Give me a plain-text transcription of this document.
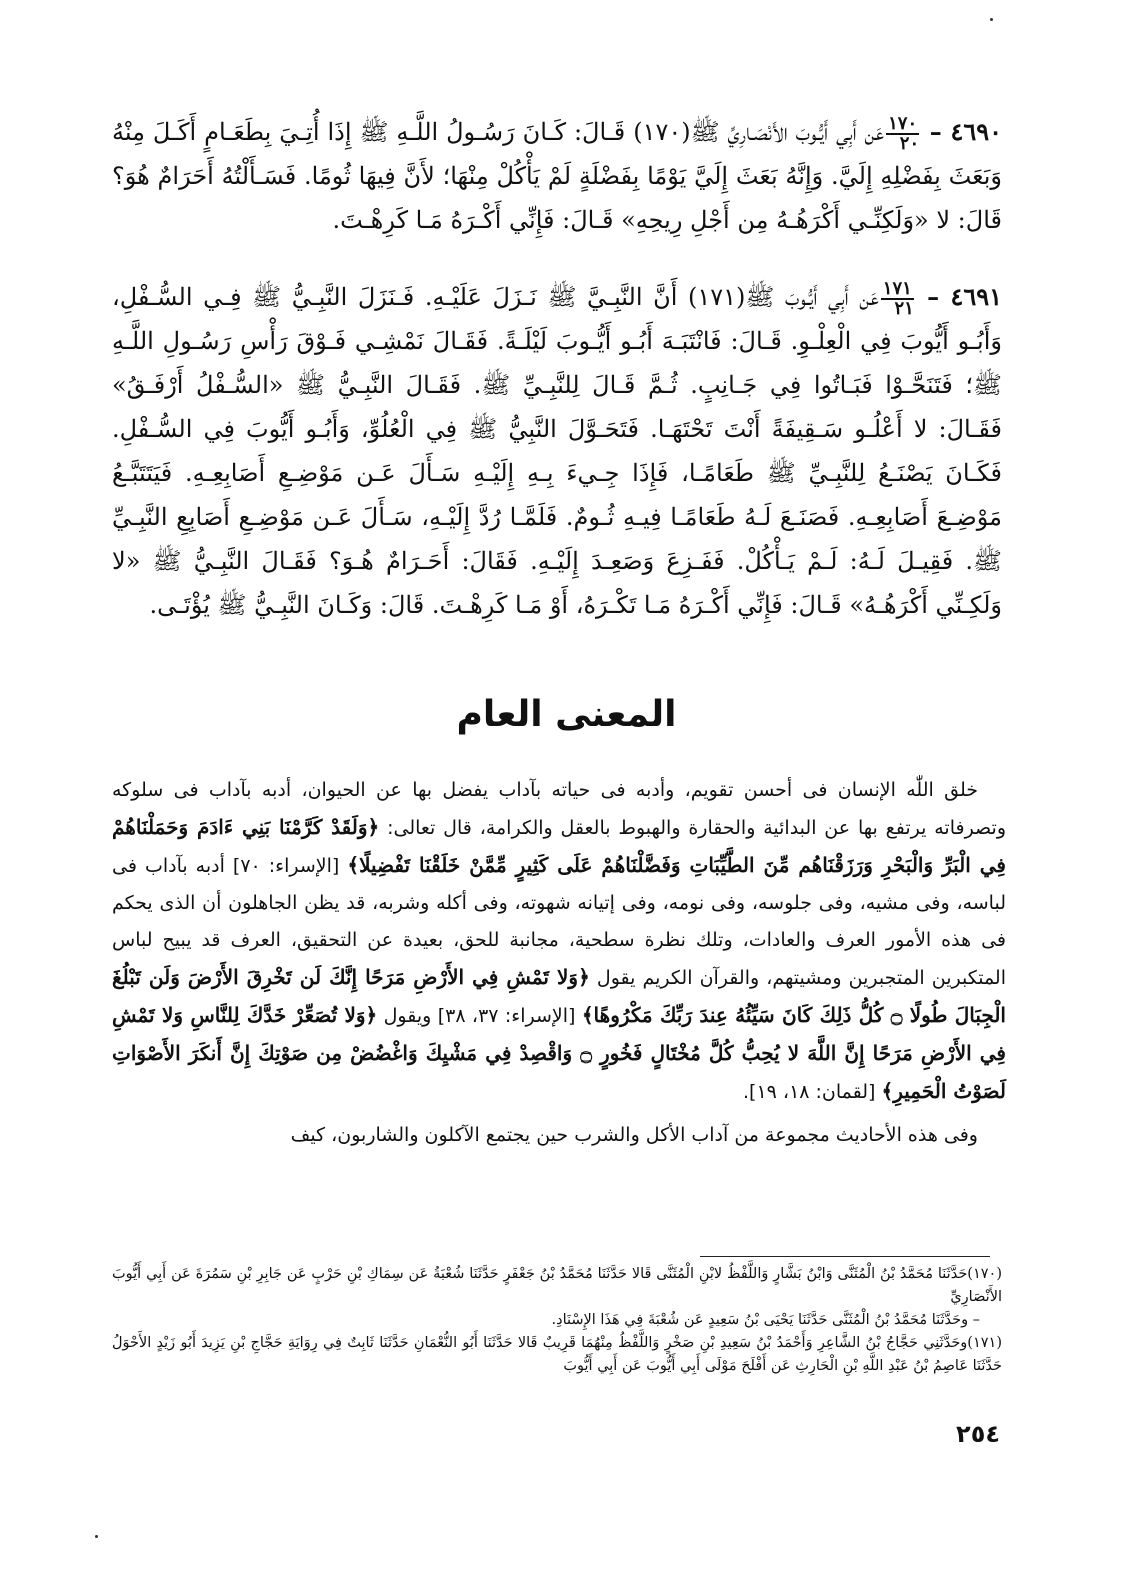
٤٦٩٠ –
$\frac{١٧٠}{٢٠}$
عَن أَبِي أَيُّـوبَ الأَنْصَـارِيِّ ﷺ(١٧٠) قَـالَ: كَـانَ رَسُـولُ اللَّـهِ ﷺ إِذَا أُتِـيَ بِطَعَـامٍ أَكَـلَ مِنْهُ وَبَعَثَ بِفَضْلِهِ إِلَيَّ. وَإِنَّهُ بَعَثَ إِلَيَّ يَوْمًا بِفَضْلَةٍ لَمْ يَأْكُلْ مِنْهَا؛ لأَنَّ فِيهَا ثُومًا. فَسَـأَلْتُهُ أَحَرَامٌ هُوَ؟ قَالَ: لا «وَلَكِنِّـي أَكْرَهُـهُ مِن أَجْلِ رِيحِهِ» قَـالَ: فَإِنِّي أَكْـرَهُ مَـا كَرِهْـتَ.
٤٦٩١ –
$\frac{١٧١}{٢١}$
عَن أَبِي أَيُّـوبَ ﷺ(١٧١) أَنَّ النَّبِـيَّ ﷺ نَـزَلَ عَلَيْـهِ. فَـنَزَلَ النَّبِـيُّ ﷺ فِـي السُّـفْلِ، وَأَبُـو أَيُّوبَ فِي الْعِلْـوِ. قَـالَ: فَانْتَبَـهَ أَبُـو أَيُّـوبَ لَيْلَـةً. فَقَـالَ نَمْشِـي فَـوْقَ رَأْسِ رَسُـولِ اللَّـهِ ﷺ؛ فَتَنَحَّـوْا فَبَـاتُوا فِي جَـانِبٍ. ثُـمَّ قَـالَ لِلنَّبِـيِّ ﷺ. فَقَـالَ النَّبِـيُّ ﷺ «السُّـفْلُ أَرْفَـقُ» فَقَـالَ: لا أَعْلُـو سَـقِيفَةً أَنْتَ تَحْتَهَـا. فَتَحَـوَّلَ النَّبِيُّ ﷺ فِي الْعُلُوِّ، وَأَبُـو أَيُّوبَ فِي السُّـفْلِ. فَكَـانَ يَصْنَـعُ لِلنَّبِـيِّ ﷺ طَعَامًـا، فَإِذَا جِـيءَ بِـهِ إِلَيْـهِ سَـأَلَ عَـن مَوْضِـعِ أَصَابِعِـهِ. فَيَتَتَبَّـعُ مَوْضِـعَ أَصَابِعِـهِ. فَصَنَـعَ لَـهُ طَعَامًـا فِيـهِ ثُـومٌ. فَلَمَّـا رُدَّ إِلَيْـهِ، سَـأَلَ عَـن مَوْضِـعِ أَصَابِعِ النَّبِـيِّ ﷺ. فَقِيـلَ لَـهُ: لَـمْ يَـأْكُلْ. فَفَـزِعَ وَصَعِـدَ إِلَيْـهِ. فَقَالَ: أَحَـرَامٌ هُـوَ؟ فَقَـالَ النَّبِـيُّ ﷺ «لا وَلَكِـنِّي أَكْرَهُـهُ» قَـالَ: فَإِنِّي أَكْـرَهُ مَـا تَكْـرَهُ، أَوْ مَـا كَرِهْـتَ. قَالَ: وَكَـانَ النَّبِـيُّ ﷺ يُؤْتَـى.
المعنى العام

خلق اللّٰه الإنسان فى أحسن تقويم، وأدبه فى حياته بآداب يفضل بها عن الحيوان، أدبه بآداب فى سلوكه وتصرفاته يرتفع بها عن البدائية والحقارة والهبوط بالعقل والكرامة، قال تعالى: ﴿وَلَقَدْ كَرَّمْنَا بَنِي ءَادَمَ وَحَمَلْنَاهُمْ فِي الْبَرِّ وَالْبَحْرِ وَرَزَقْنَاهُم مِّنَ الطَّيِّبَاتِ وَفَضَّلْنَاهُمْ عَلَى كَثِيرٍ مِّمَّنْ خَلَقْنَا تَفْضِيلًا﴾ [الإسراء: ٧٠] أدبه بآداب فى لباسه، وفى مشيه، وفى جلوسه، وفى نومه، وفى إتيانه شهوته، وفى أكله وشربه، قد يظن الجاهلون أن الذى يحكم فى هذه الأمور العرف والعادات، وتلك نظرة سطحية، مجانبة للحق، بعيدة عن التحقيق، العرف قد يبيح لباس المتكبرين المتجبرين ومشيتهم، والقرآن الكريم يقول ﴿وَلا تَمْشِ فِي الأَرْضِ مَرَحًا إِنَّكَ لَن تَخْرِقَ الأَرْضَ وَلَن تَبْلُغَ الْجِبَالَ طُولًا ۝ كُلُّ ذَلِكَ كَانَ سَيِّئُهُ عِندَ رَبِّكَ مَكْرُوهًا﴾ [الإسراء: ٣٧، ٣٨] ويقول ﴿وَلا تُصَعِّرْ خَدَّكَ لِلنَّاسِ وَلا تَمْشِ فِي الأَرْضِ مَرَحًا إِنَّ اللَّهَ لا يُحِبُّ كُلَّ مُخْتَالٍ فَخُورٍ ۝ وَاقْصِدْ فِي مَشْيِكَ وَاغْضُضْ مِن صَوْتِكَ إِنَّ أَنكَرَ الأَصْوَاتِ لَصَوْتُ الْحَمِيرِ﴾ [لقمان: ١٨، ١٩].

وفى هذه الأحاديث مجموعة من آداب الأكل والشرب حين يجتمع الآكلون والشاربون، كيف

(١٧٠)حَدَّثَنَا مُحَمَّدُ بْنُ الْمُثَنَّى وَابْنُ بَشَّارٍ وَاللَّفْظُ لابْنِ الْمُثَنَّى قَالا حَدَّثَنَا مُحَمَّدُ بْنُ جَعْفَرٍ حَدَّثَنَا شُعْبَةُ عَن سِمَاكِ بْنِ حَرْبٍ عَن جَابِرِ بْنِ سَمُرَةَ عَن أَبِي أَيُّوبَ الأَنْصَارِيِّ

– وحَدَّثَنَا مُحَمَّدُ بْنُ الْمُثَنَّى حَدَّثَنَا يَحْيَى بْنُ سَعِيدٍ عَن شُعْبَةَ فِي هَذَا الإِسْنَادِ.

(١٧١)وحَدَّثَنِي حَجَّاجُ بْنُ الشَّاعِرِ وَأَحْمَدُ بْنُ سَعِيدِ بْنِ صَخْرٍ وَاللَّفْظُ مِنْهُمَا قَرِيبٌ قَالا حَدَّثَنَا أَبُو النُّعْمَانِ حَدَّثَنَا ثَابِتٌ فِي رِوَايَةِ حَجَّاجِ بْنِ يَزِيدَ أَبُو زَيْدٍ الأَحْوَلُ حَدَّثَنَا عَاصِمُ بْنُ عَبْدِ اللَّهِ بْنِ الْحَارِثِ عَن أَفْلَحَ مَوْلَى أَبِي أَيُّوبَ عَن أَبِي أَيُّوبَ

٢٥٤
